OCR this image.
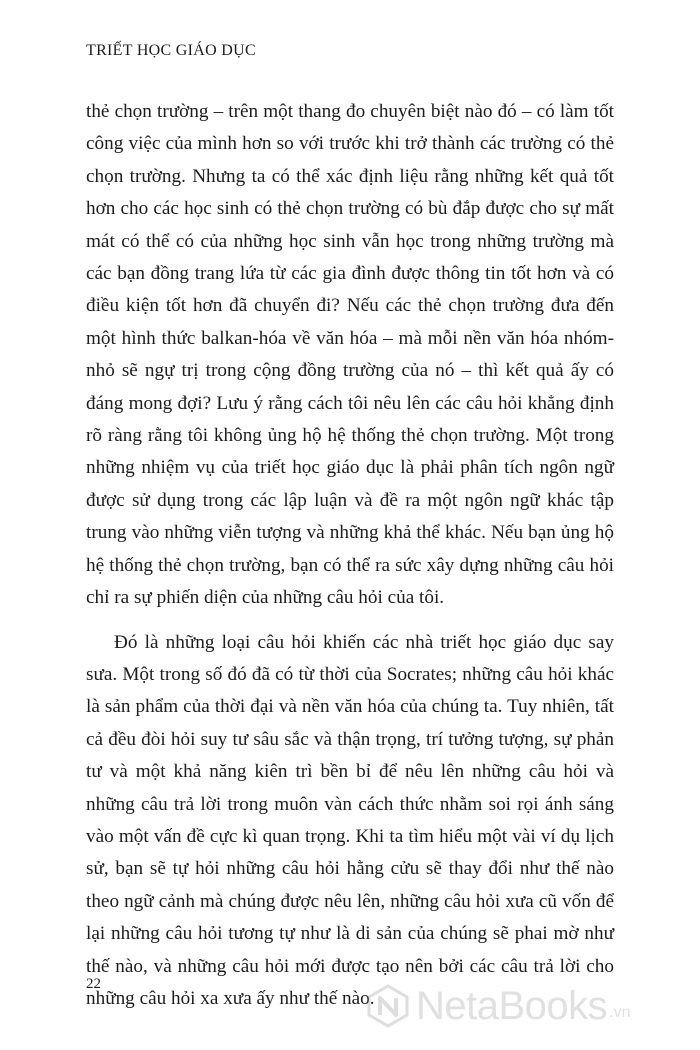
TRIẾT HỌC GIÁO DỤC

thẻ chọn trường – trên một thang đo chuyên biệt nào đó – có làm tốt công việc của mình hơn so với trước khi trở thành các trường có thẻ chọn trường. Nhưng ta có thể xác định liệu rằng những kết quả tốt hơn cho các học sinh có thẻ chọn trường có bù đắp được cho sự mất mát có thể có của những học sinh vẫn học trong những trường mà các bạn đồng trang lứa từ các gia đình được thông tin tốt hơn và có điều kiện tốt hơn đã chuyển đi? Nếu các thẻ chọn trường đưa đến một hình thức balkan-hóa về văn hóa – mà mỗi nền văn hóa nhóm-nhỏ sẽ ngự trị trong cộng đồng trường của nó – thì kết quả ấy có đáng mong đợi? Lưu ý rằng cách tôi nêu lên các câu hỏi khẳng định rõ ràng rằng tôi không ủng hộ hệ thống thẻ chọn trường. Một trong những nhiệm vụ của triết học giáo dục là phải phân tích ngôn ngữ được sử dụng trong các lập luận và đề ra một ngôn ngữ khác tập trung vào những viễn tượng và những khả thể khác. Nếu bạn ủng hộ hệ thống thẻ chọn trường, bạn có thể ra sức xây dựng những câu hỏi chỉ ra sự phiến diện của những câu hỏi của tôi.

Đó là những loại câu hỏi khiến các nhà triết học giáo dục say sưa. Một trong số đó đã có từ thời của Socrates; những câu hỏi khác là sản phẩm của thời đại và nền văn hóa của chúng ta. Tuy nhiên, tất cả đều đòi hỏi suy tư sâu sắc và thận trọng, trí tưởng tượng, sự phản tư và một khả năng kiên trì bền bỉ để nêu lên những câu hỏi và những câu trả lời trong muôn vàn cách thức nhằm soi rọi ánh sáng vào một vấn đề cực kì quan trọng. Khi ta tìm hiểu một vài ví dụ lịch sử, bạn sẽ tự hỏi những câu hỏi hằng cửu sẽ thay đổi như thế nào theo ngữ cảnh mà chúng được nêu lên, những câu hỏi xưa cũ vốn để lại những câu hỏi tương tự như là di sản của chúng sẽ phai mờ như thế nào, và những câu hỏi mới được tạo nên bởi các câu trả lời cho những câu hỏi xa xưa ấy như thế nào.

22	NetaBooks .vn
